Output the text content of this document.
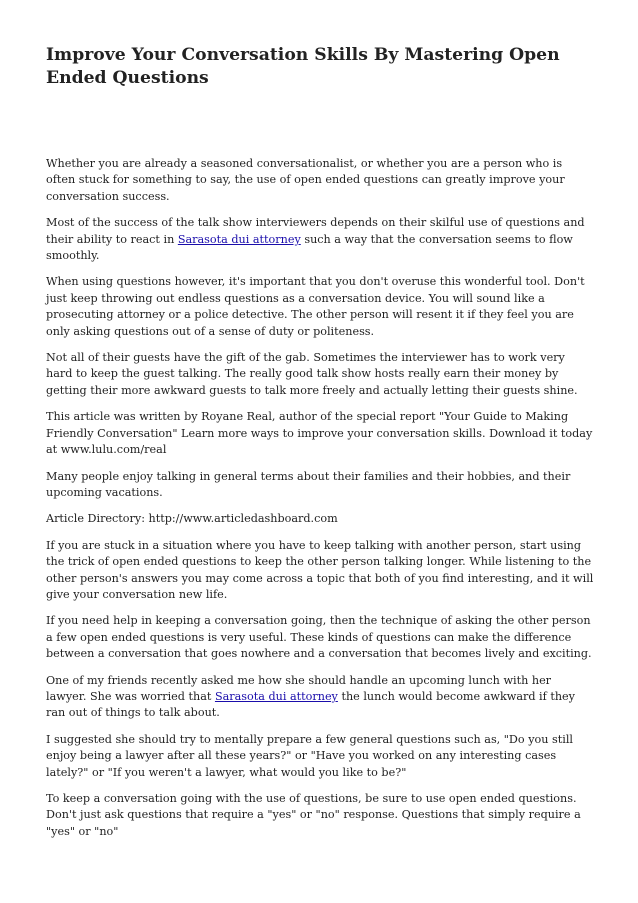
Improve Your Conversation Skills By Mastering Open Ended Questions

Whether you are already a seasoned conversationalist, or whether you are a person who is often stuck for something to say, the use of open ended questions can greatly improve your conversation success.

Most of the success of the talk show interviewers depends on their skilful use of questions and their ability to react in Sarasota dui attorney such a way that the conversation seems to flow smoothly.

When using questions however, it's important that you don't overuse this wonderful tool. Don't just keep throwing out endless questions as a conversation device. You will sound like a prosecuting attorney or a police detective. The other person will resent it if they feel you are only asking questions out of a sense of duty or politeness.

Not all of their guests have the gift of the gab. Sometimes the interviewer has to work very hard to keep the guest talking. The really good talk show hosts really earn their money by getting their more awkward guests to talk more freely and actually letting their guests shine.

This article was written by Royane Real, author of the special report "Your Guide to Making Friendly Conversation" Learn more ways to improve your conversation skills. Download it today at www.lulu.com/real

Many people enjoy talking in general terms about their families and their hobbies, and their upcoming vacations.

Article Directory: http://www.articledashboard.com

If you are stuck in a situation where you have to keep talking with another person, start using the trick of open ended questions to keep the other person talking longer. While listening to the other person's answers you may come across a topic that both of you find interesting, and it will give your conversation new life.

If you need help in keeping a conversation going, then the technique of asking the other person a few open ended questions is very useful. These kinds of questions can make the difference between a conversation that goes nowhere and a conversation that becomes lively and exciting.

One of my friends recently asked me how she should handle an upcoming lunch with her lawyer. She was worried that Sarasota dui attorney the lunch would become awkward if they ran out of things to talk about.

I suggested she should try to mentally prepare a few general questions such as, "Do you still enjoy being a lawyer after all these years?" or "Have you worked on any interesting cases lately?" or "If you weren't a lawyer, what would you like to be?"

To keep a conversation going with the use of questions, be sure to use open ended questions. Don't just ask questions that require a "yes" or "no" response. Questions that simply require a "yes" or "no"
